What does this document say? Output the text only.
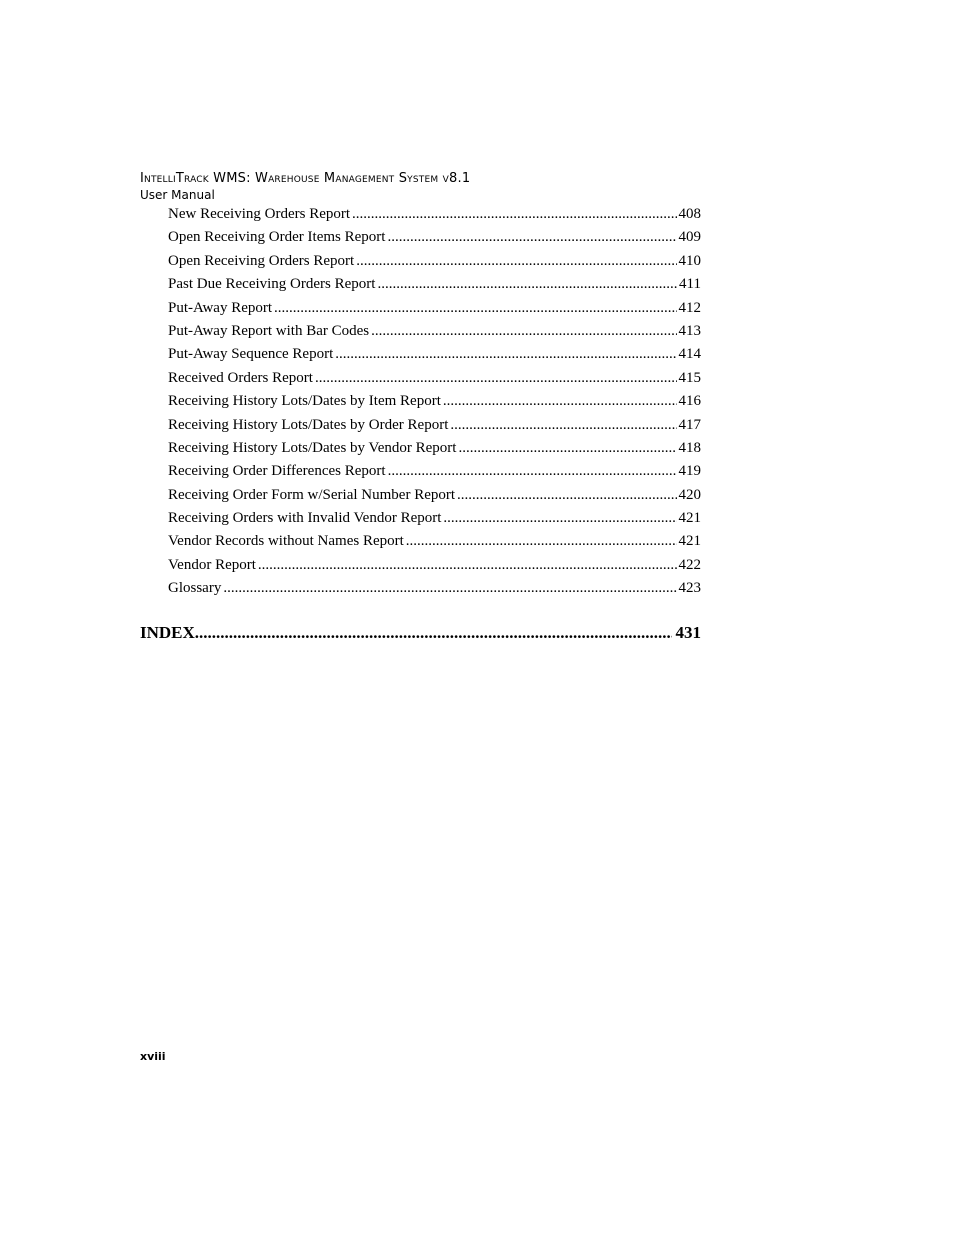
IntelliTrack WMS: Warehouse Management System v8.1
User Manual
New Receiving Orders Report .....	408
Open Receiving Order Items Report .....	409
Open Receiving Orders Report .....	410
Past Due Receiving Orders Report .....	411
Put-Away Report .....	412
Put-Away Report with Bar Codes .....	413
Put-Away Sequence Report .....	414
Received Orders Report .....	415
Receiving History Lots/Dates by Item Report .....	416
Receiving History Lots/Dates by Order Report .....	417
Receiving History Lots/Dates by Vendor Report .....	418
Receiving Order Differences Report .....	419
Receiving Order Form w/Serial Number Report .....	420
Receiving Orders with Invalid Vendor Report .....	421
Vendor Records without Names Report .....	421
Vendor Report .....	422
Glossary .....	423
INDEX .....	431
xviii
